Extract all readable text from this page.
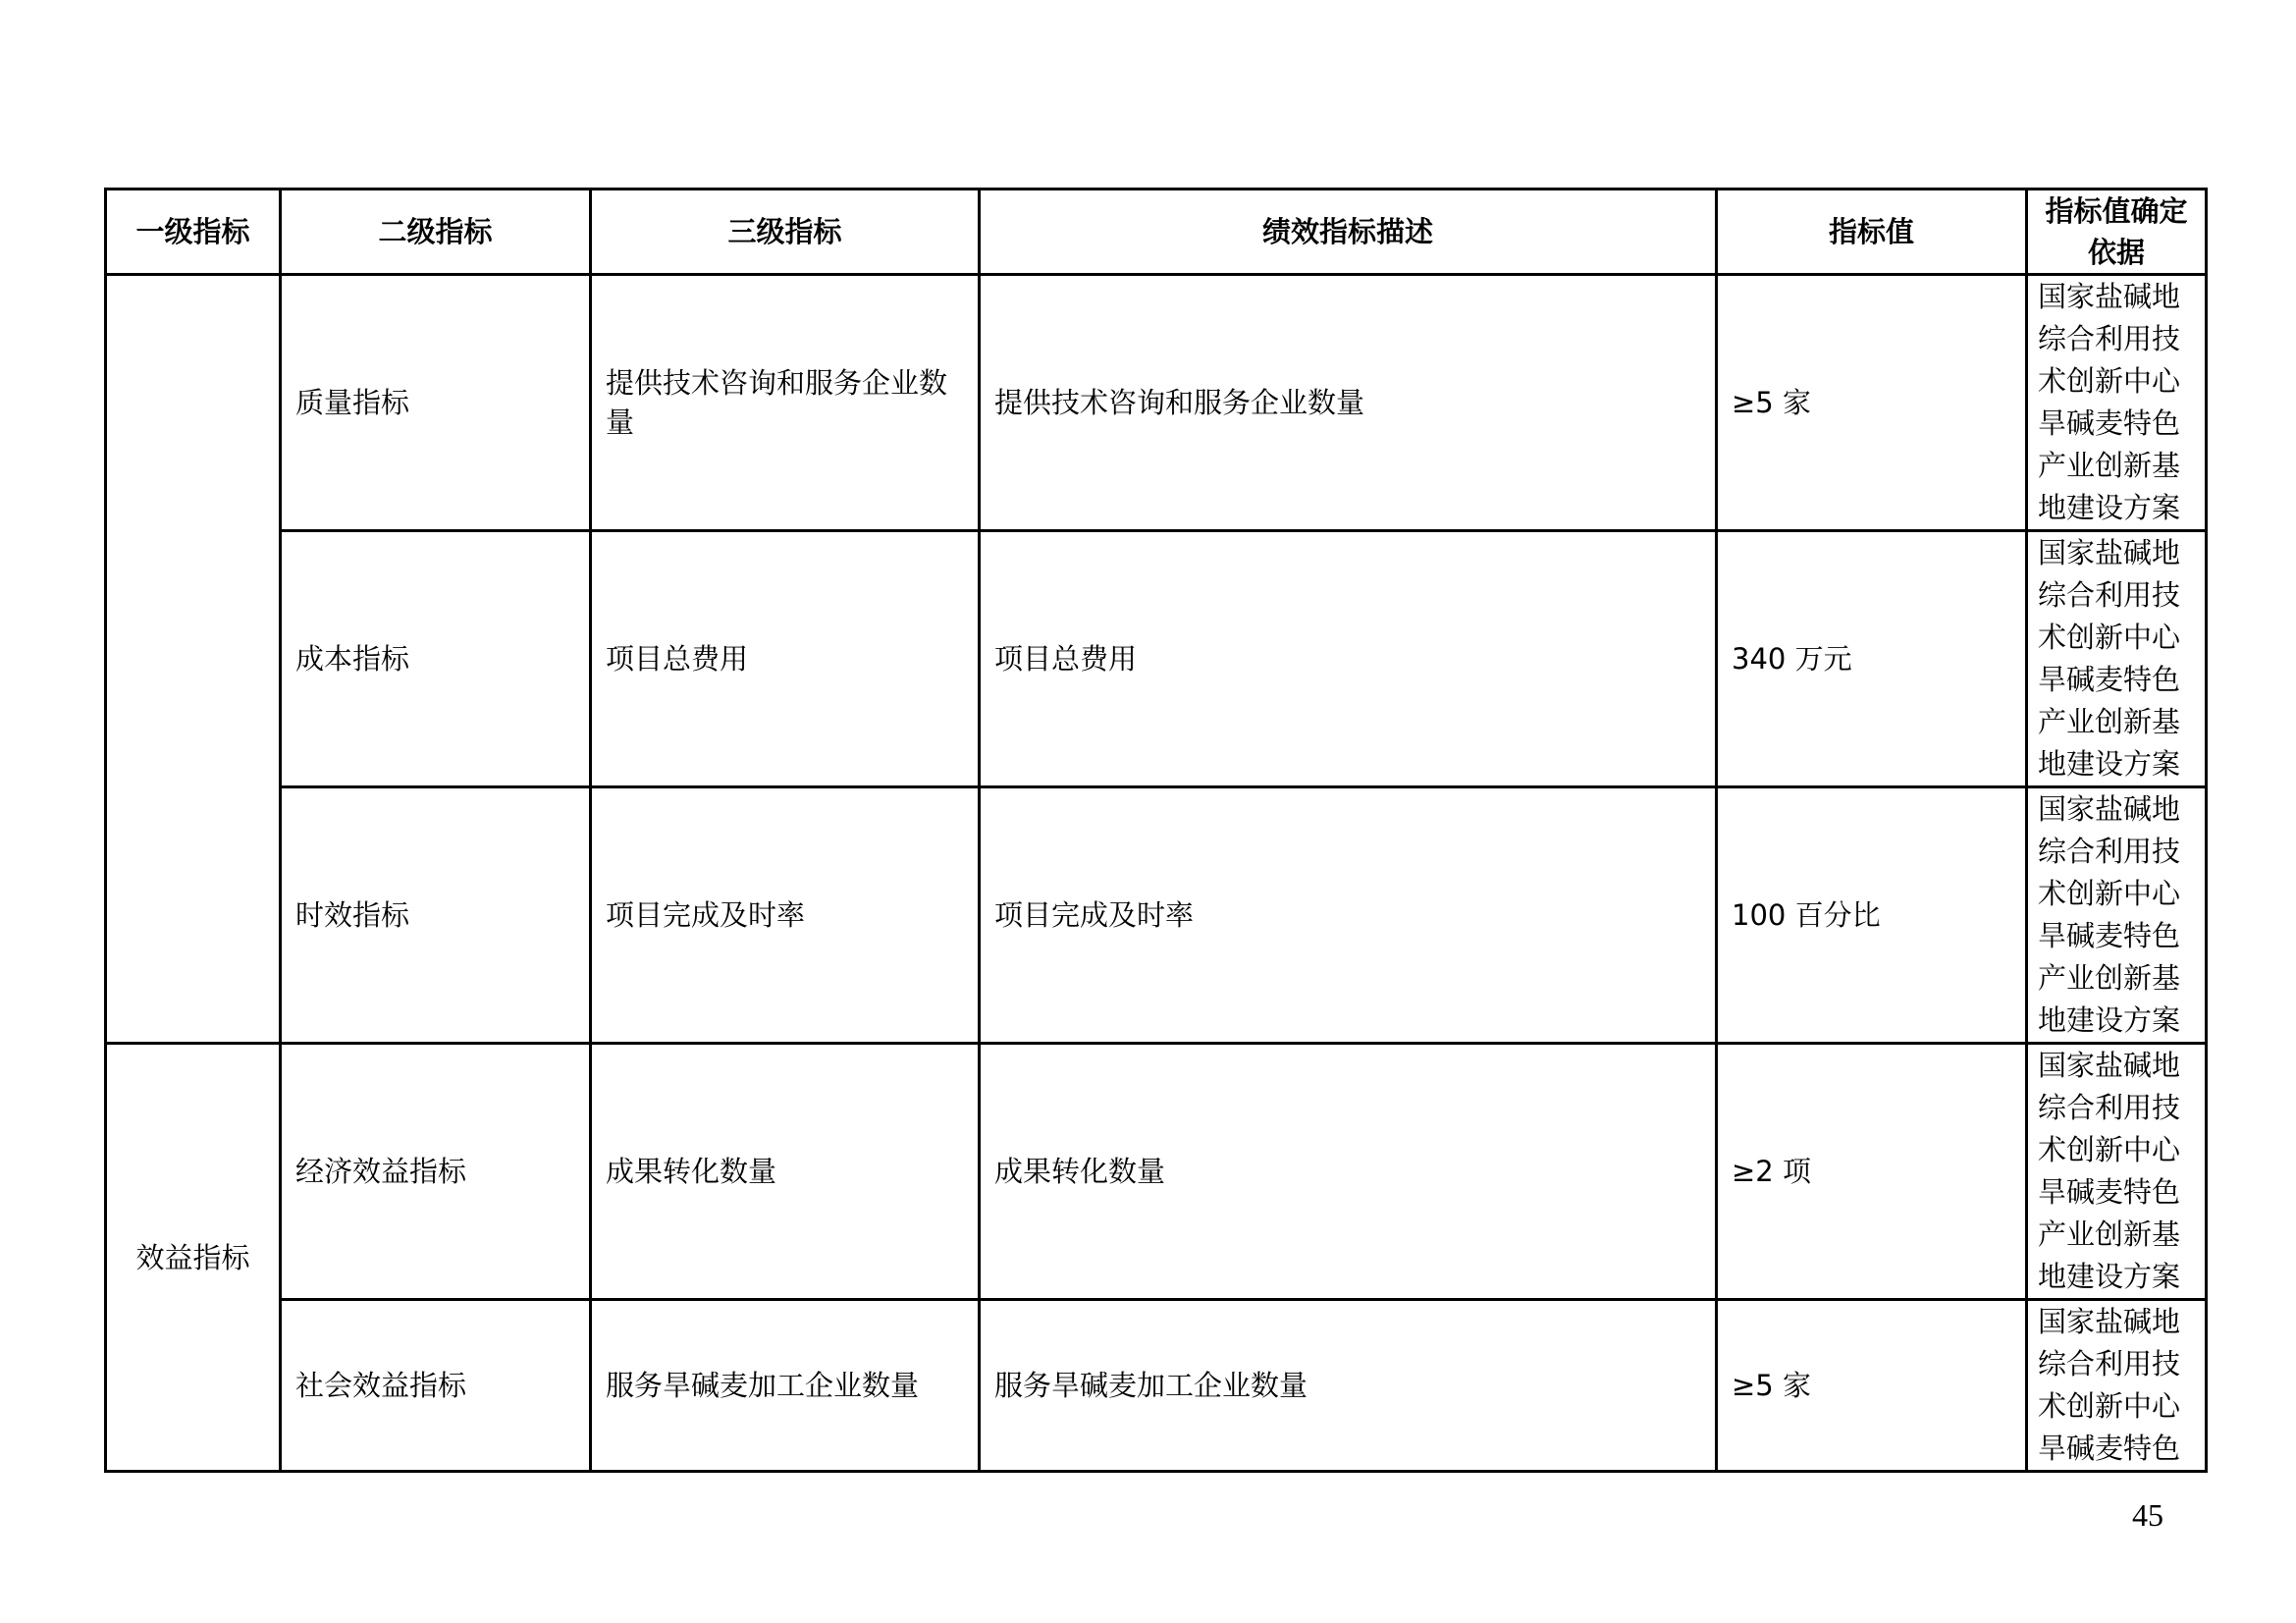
一级指标	二级指标	三级指标	绩效指标描述	指标值	指标值确定依据
	质量指标	提供技术咨询和服务企业数量	提供技术咨询和服务企业数量	≥5 家	国家盐碱地综合利用技术创新中心旱碱麦特色产业创新基地建设方案

	成本指标	项目总费用	项目总费用	340 万元	国家盐碱地综合利用技术创新中心旱碱麦特色产业创新基地建设方案

	时效指标	项目完成及时率	项目完成及时率	100 百分比	国家盐碱地综合利用技术创新中心旱碱麦特色产业创新基地建设方案

效益指标	经济效益指标	成果转化数量	成果转化数量	≥2 项	国家盐碱地综合利用技术创新中心旱碱麦特色产业创新基地建设方案

	社会效益指标	服务旱碱麦加工企业数量	服务旱碱麦加工企业数量	≥5 家	国家盐碱地综合利用技术创新中心旱碱麦特色
45
